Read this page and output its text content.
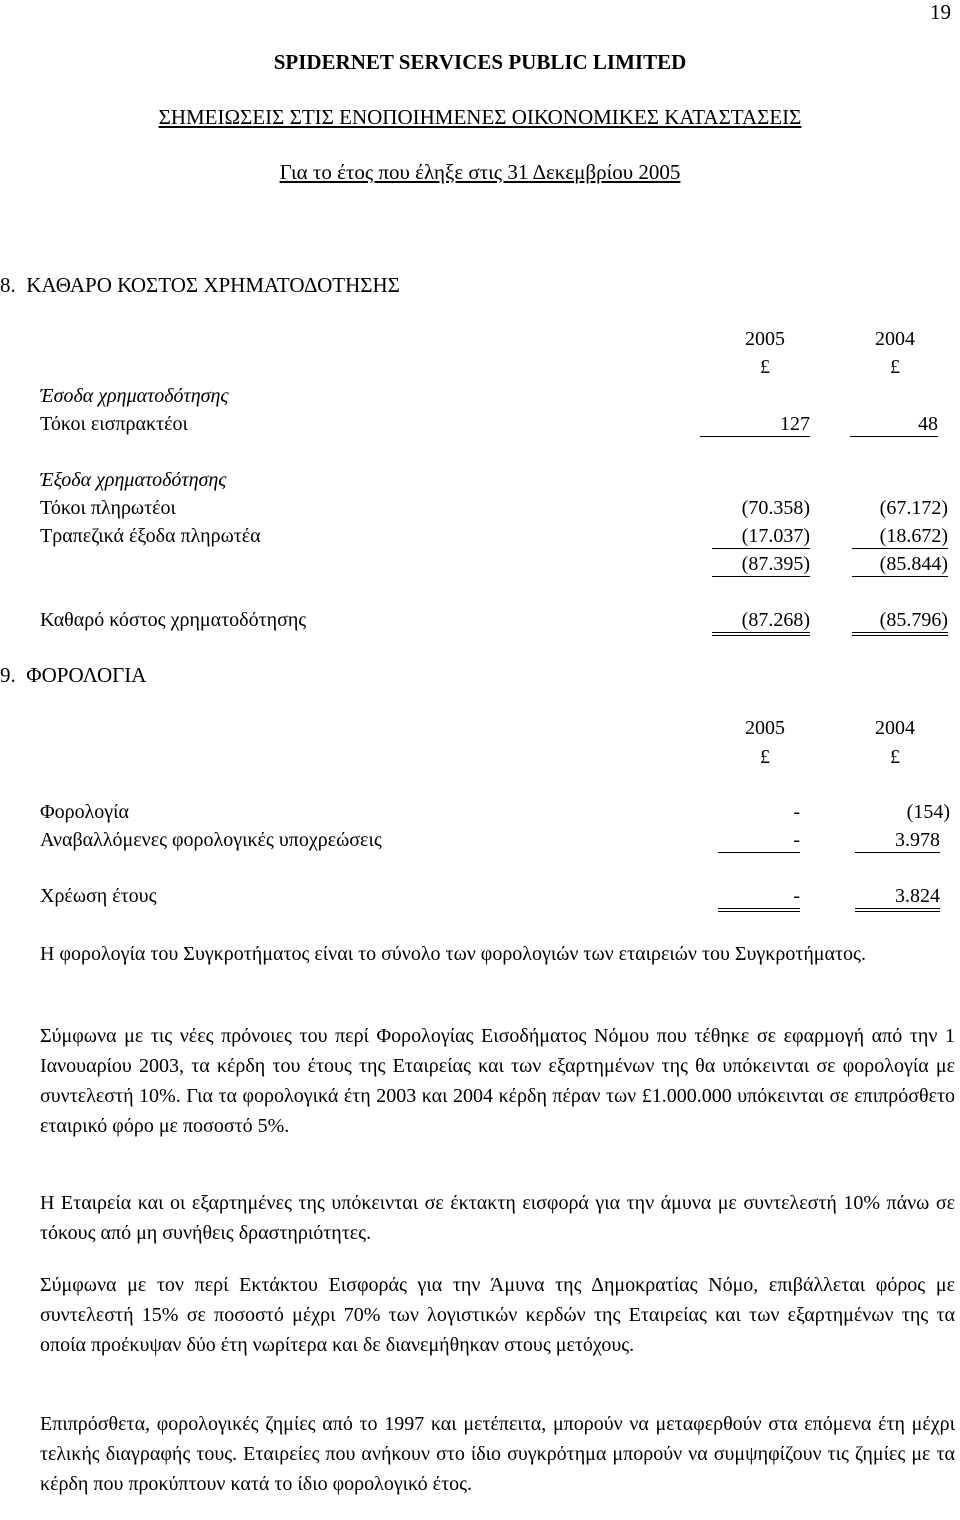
19
SPIDERNET SERVICES PUBLIC LIMITED
ΣΗΜΕΙΩΣΕΙΣ ΣΤΙΣ ΕΝΟΠΟΙΗΜΕΝΕΣ ΟΙΚΟΝΟΜΙΚΕΣ ΚΑΤΑΣΤΑΣΕΙΣ
Για το έτος που έληξε στις 31 Δεκεμβρίου 2005
8.  ΚΑΘΑΡΟ ΚΟΣΤΟΣ ΧΡΗΜΑΤΟΔΟΤΗΣΗΣ
2005	2004
£	£
Έσοδα χρηματοδότησης
Τόκοι εισπρακτέοι	127	48
Έξοδα χρηματοδότησης
Τόκοι πληρωτέοι	(70.358)	(67.172)
Τραπεζικά έξοδα πληρωτέα	(17.037)	(18.672)
(87.395)	(85.844)
Καθαρό κόστος χρηματοδότησης	(87.268)	(85.796)
9.  ΦΟΡΟΛΟΓΙΑ
2005	2004
£	£
Φορολογία	-	(154)
Αναβαλλόμενες φορολογικές υποχρεώσεις	-	3.978
Χρέωση έτους	-	3.824
Η φορολογία του Συγκροτήματος είναι το σύνολο των φορολογιών των εταιρειών του Συγκροτήματος.
Σύμφωνα με τις νέες πρόνοιες του περί Φορολογίας Εισοδήματος Νόμου που τέθηκε σε εφαρμογή από την 1 Ιανουαρίου 2003, τα κέρδη του έτους της Εταιρείας και των εξαρτημένων της θα υπόκεινται σε φορολογία με συντελεστή 10%. Για τα φορολογικά έτη 2003 και 2004 κέρδη πέραν των £1.000.000 υπόκεινται σε επιπρόσθετο εταιρικό φόρο με ποσοστό 5%.
Η Εταιρεία και οι εξαρτημένες της υπόκεινται σε έκτακτη εισφορά για την άμυνα με συντελεστή 10% πάνω σε τόκους από μη συνήθεις δραστηριότητες.
Σύμφωνα με τον περί Εκτάκτου Εισφοράς για την Άμυνα της Δημοκρατίας Νόμο, επιβάλλεται φόρος με συντελεστή 15% σε ποσοστό μέχρι 70% των λογιστικών κερδών της Εταιρείας και των εξαρτημένων της τα οποία προέκυψαν δύο έτη νωρίτερα και δε διανεμήθηκαν στους μετόχους.
Επιπρόσθετα, φορολογικές ζημίες από το 1997 και μετέπειτα, μπορούν να μεταφερθούν στα επόμενα έτη μέχρι τελικής διαγραφής τους. Εταιρείες που ανήκουν στο ίδιο συγκρότημα μπορούν να συμψηφίζουν τις ζημίες με τα κέρδη που προκύπτουν κατά το ίδιο φορολογικό έτος.
